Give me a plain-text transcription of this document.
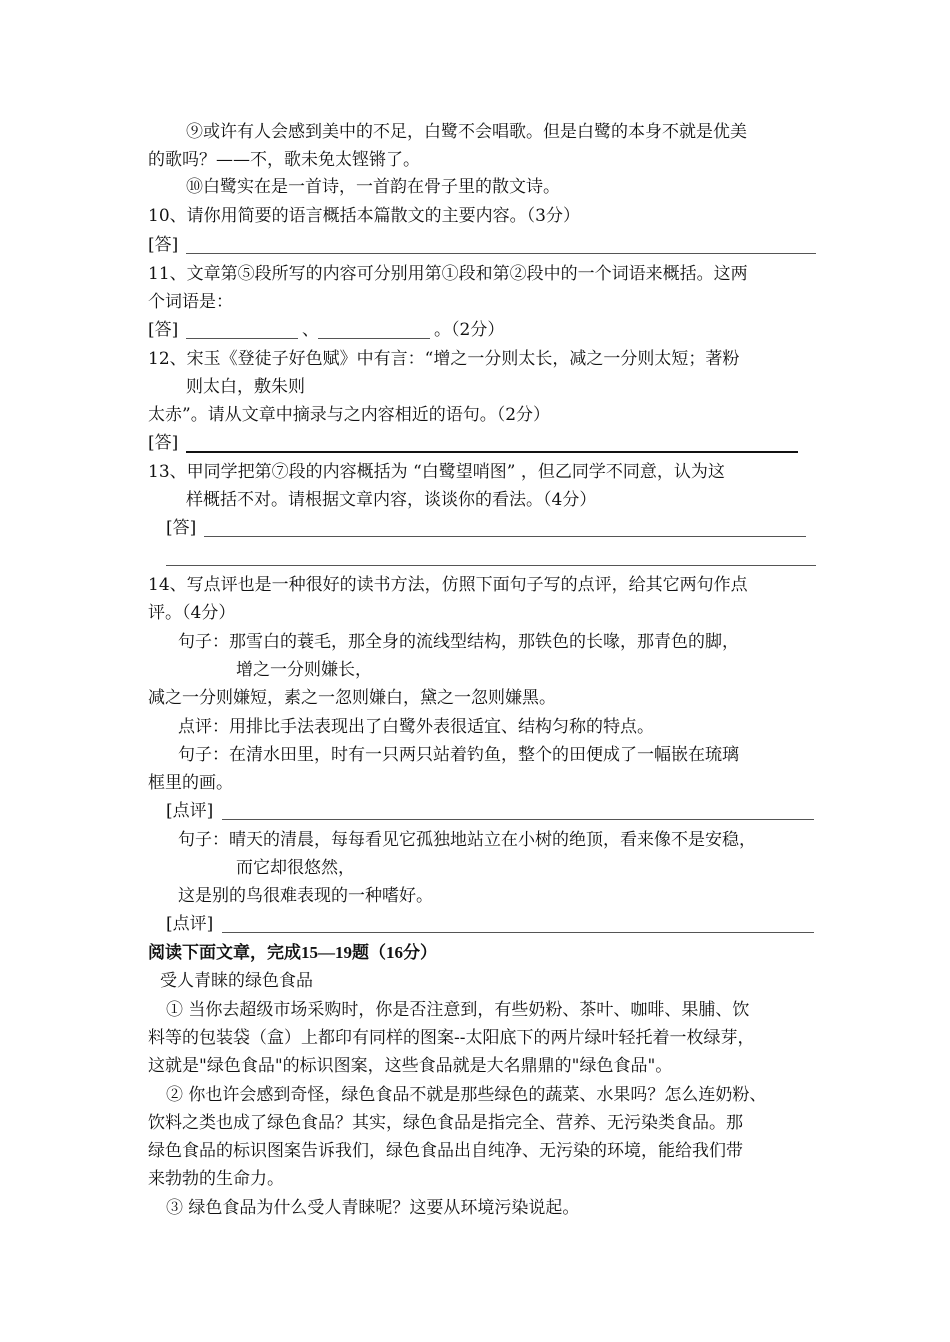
⑨或许有人会感到美中的不足，白鹭不会唱歌。但是白鹭的本身不就是优美
的歌吗？——不，歌未免太铿锵了。
⑩白鹭实在是一首诗，一首韵在骨子里的散文诗。
10、请你用简要的语言概括本篇散文的主要内容。（3分）
[答]
11、文章第⑤段所写的内容可分别用第①段和第②段中的一个词语来概括。这两
个词语是：
[答]	、	。（2分）
12、宋玉《登徒子好色赋》中有言：“增之一分则太长，减之一分则太短；著粉
则太白，敷朱则
太赤”。请从文章中摘录与之内容相近的语句。（2分）
[答]
13、甲同学把第⑦段的内容概括为 “白鹭望哨图” ，但乙同学不同意，认为这
样概括不对。请根据文章内容，谈谈你的看法。（4分）
[答]
14、写点评也是一种很好的读书方法，仿照下面句子写的点评，给其它两句作点
评。（4分）
句子：那雪白的蓑毛，那全身的流线型结构，那铁色的长喙，那青色的脚，
增之一分则嫌长，
减之一分则嫌短，素之一忽则嫌白，黛之一忽则嫌黑。
点评：用排比手法表现出了白鹭外表很适宜、结构匀称的特点。
句子：在清水田里，时有一只两只站着钓鱼，整个的田便成了一幅嵌在琉璃
框里的画。
[点评]
句子：晴天的清晨，每每看见它孤独地站立在小树的绝顶，看来像不是安稳，
而它却很悠然，
这是别的鸟很难表现的一种嗜好。
[点评]
阅读下面文章，完成15—19题（16分）
受人青睐的绿色食品
① 当你去超级市场采购时，你是否注意到，有些奶粉、茶叶、咖啡、果脯、饮
料等的包装袋（盒）上都印有同样的图案--太阳底下的两片绿叶轻托着一枚绿芽，
这就是"绿色食品"的标识图案，这些食品就是大名鼎鼎的"绿色食品"。
② 你也许会感到奇怪，绿色食品不就是那些绿色的蔬菜、水果吗？怎么连奶粉、
饮料之类也成了绿色食品？其实，绿色食品是指完全、营养、无污染类食品。那
绿色食品的标识图案告诉我们，绿色食品出自纯净、无污染的环境，能给我们带
来勃勃的生命力。
③ 绿色食品为什么受人青睐呢？这要从环境污染说起。
